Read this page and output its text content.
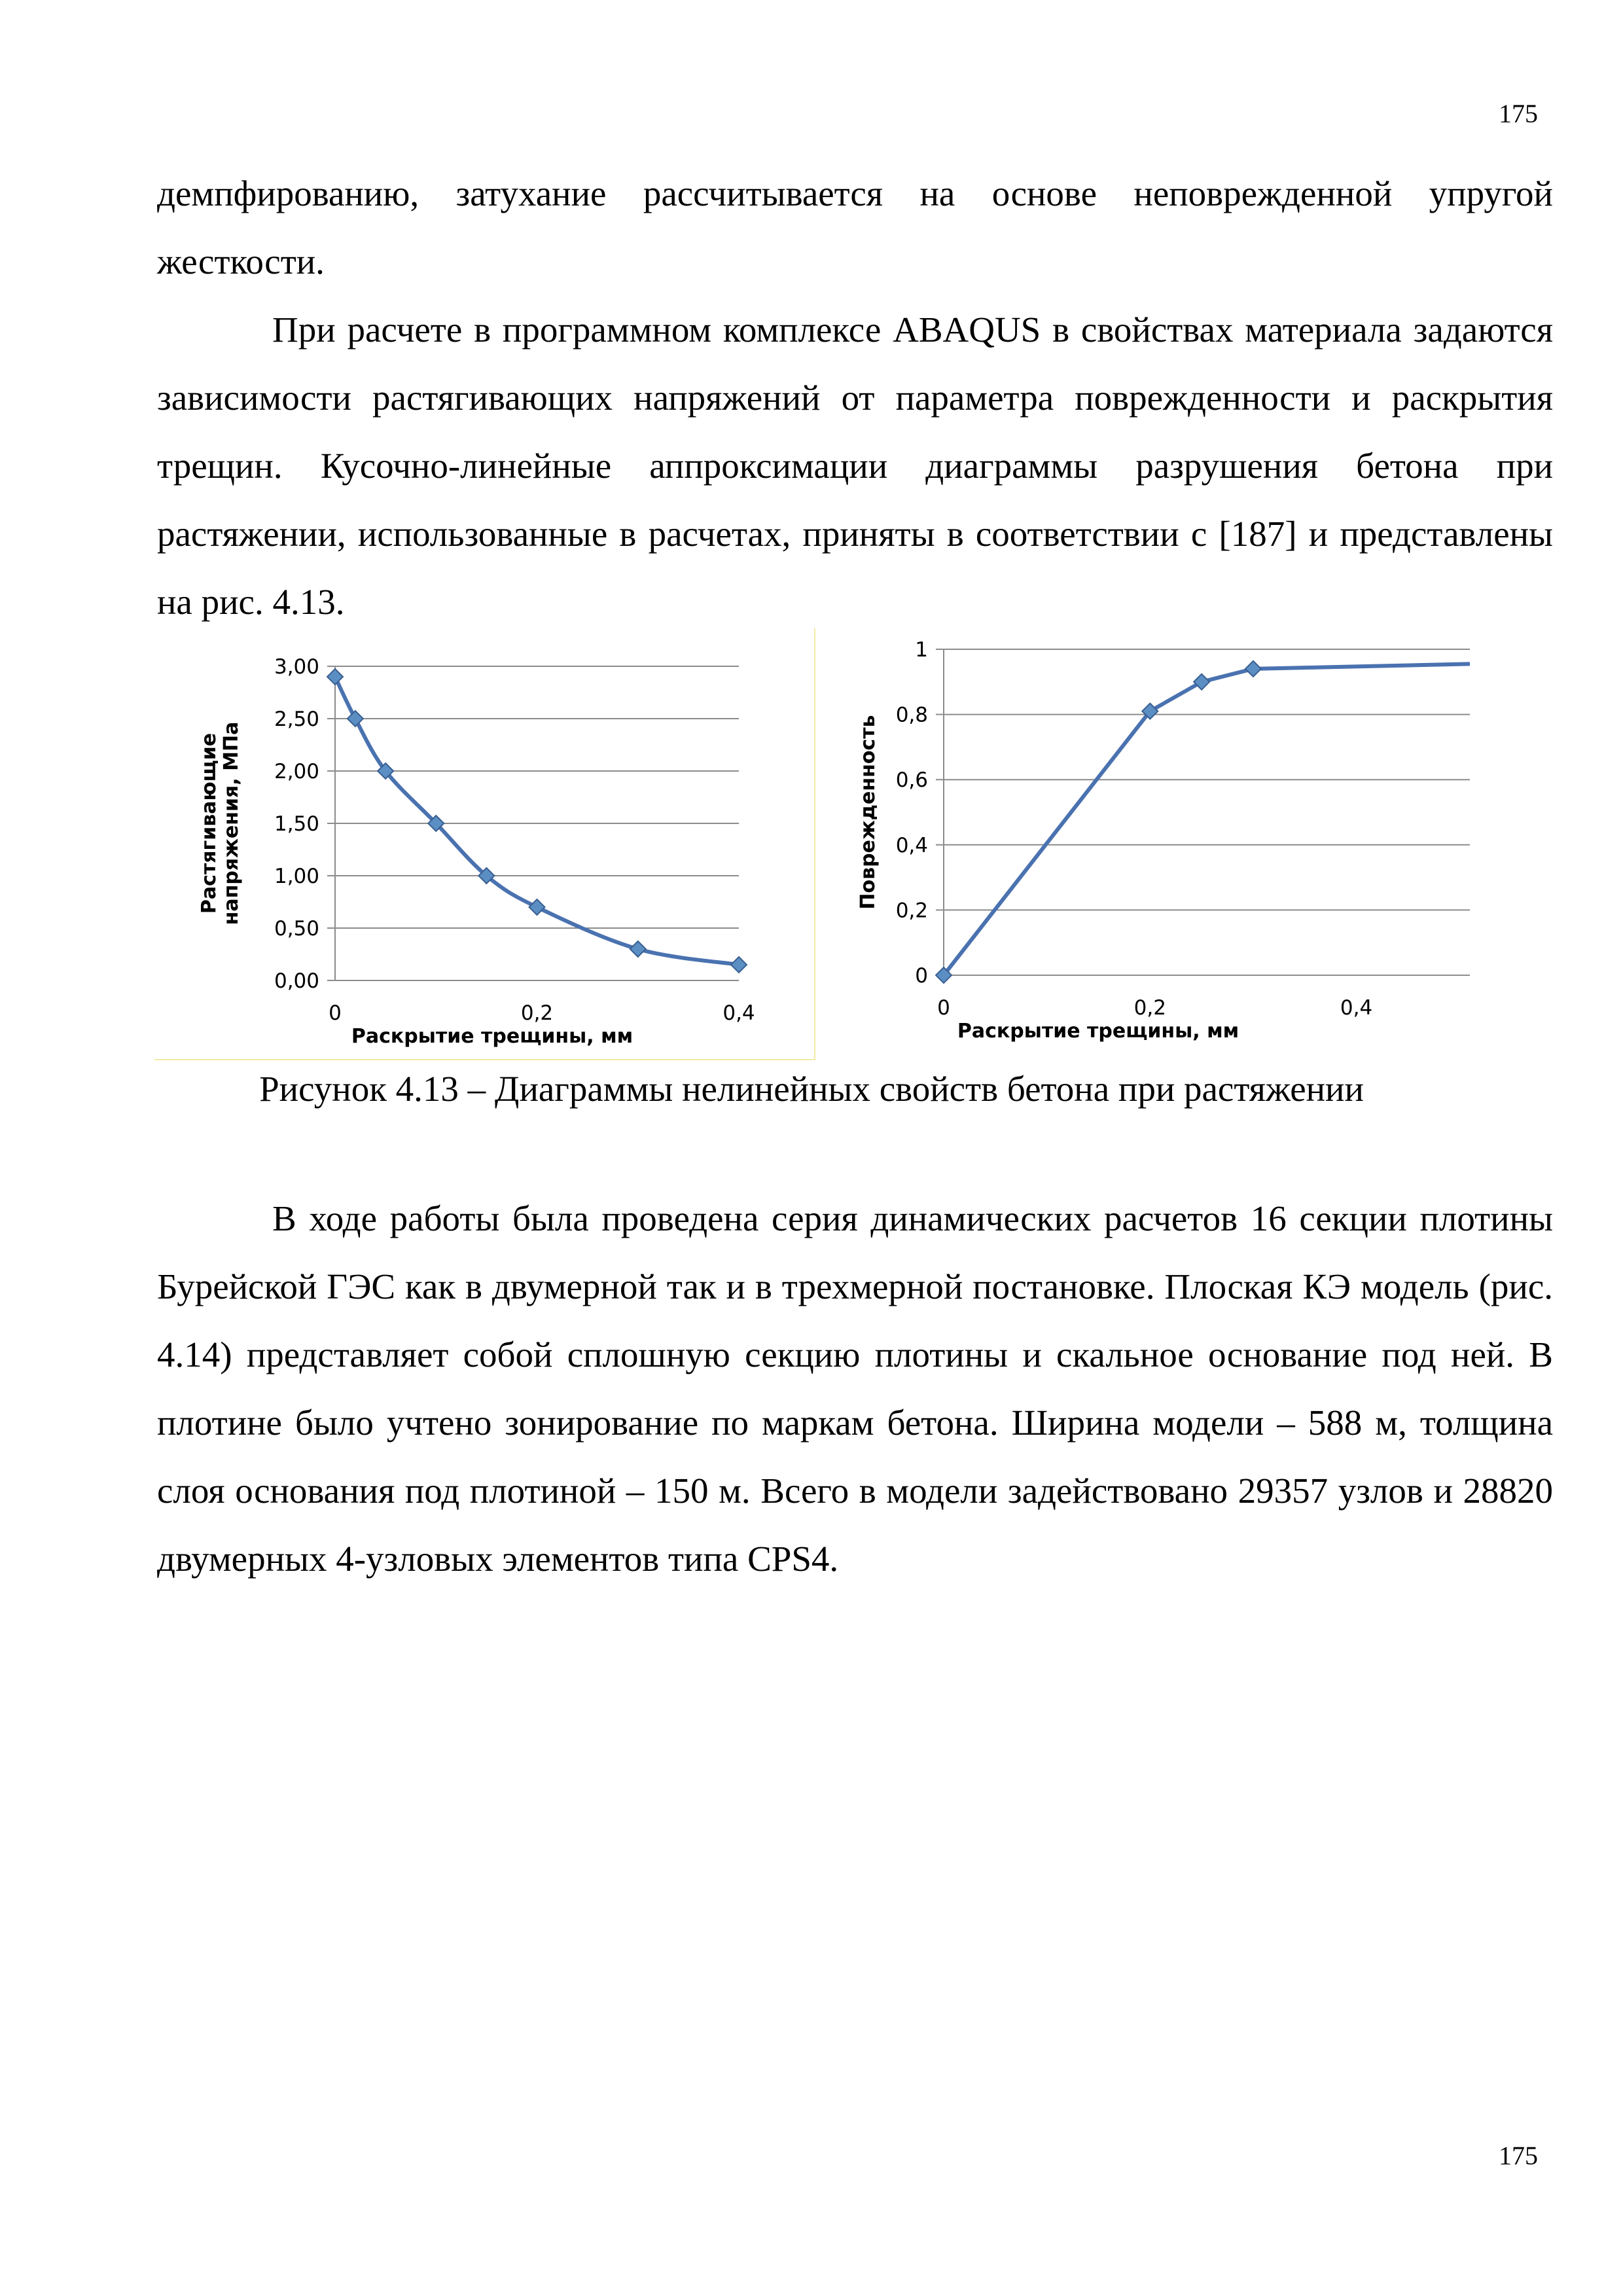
175

демпфированию, затухание рассчитывается на основе неповрежденной упругой жесткости.

При расчете в программном комплексе ABAQUS в свойствах материала задаются зависимости растягивающих напряжений от параметра поврежденности и раскрытия трещин. Кусочно-линейные аппроксимации диаграммы разрушения бетона при растяжении, использованные в расчетах, приняты в соответствии с [187] и представлены на рис. 4.13.

0,00
0,50
1,00
1,50
2,00
2,50
3,00
0	0,2	0,4
Раскрытие трещины, мм
Растягивающие напряжения, МПа
0
0,2
0,4
0,6
0,8
1
0	0,2	0,4
Раскрытие трещины, мм
Поврежденность
Рисунок 4.13 – Диаграммы нелинейных свойств бетона при растяжении

В ходе работы была проведена серия динамических расчетов 16 секции плотины Бурейской ГЭС как в двумерной так и в трехмерной постановке. Плоская КЭ модель (рис. 4.14) представляет собой сплошную секцию плотины и скальное основание под ней. В плотине было учтено зонирование по маркам бетона. Ширина модели – 588 м, толщина слоя основания под плотиной – 150 м. Всего в модели задействовано 29357 узлов и 28820 двумерных 4-узловых элементов типа CPS4.

175
